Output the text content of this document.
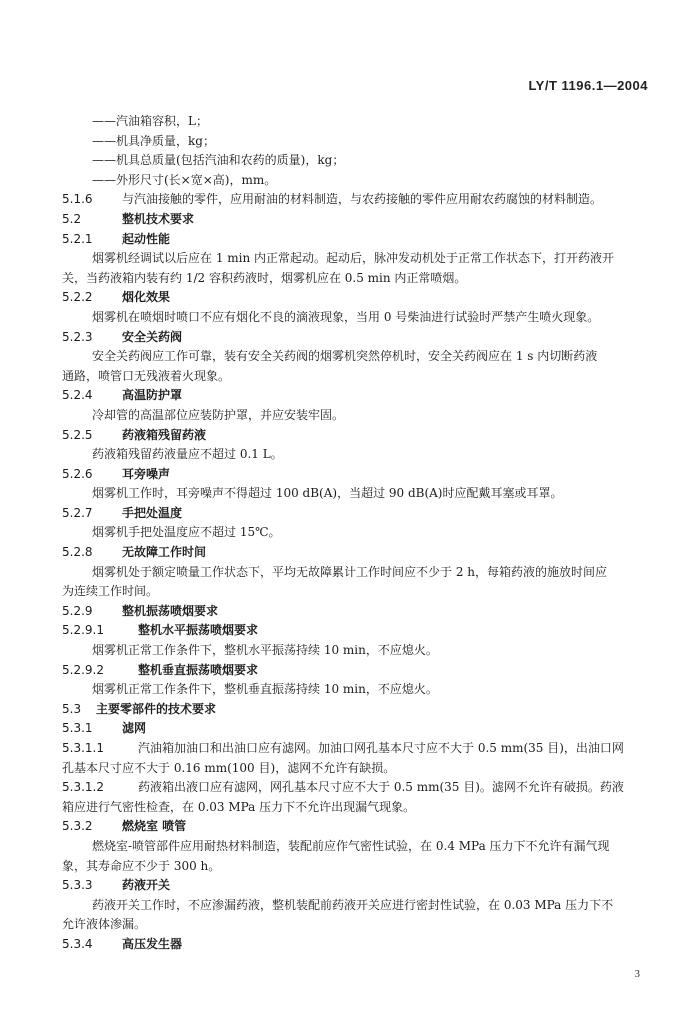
LY/T 1196.1—2004
——汽油箱容积，L；
——机具净质量，kg；
——机具总质量(包括汽油和农药的质量)，kg；
——外形尺寸(长×宽×高)，mm。
5.1.6 与汽油接触的零件，应用耐油的材料制造，与农药接触的零件应用耐农药腐蚀的材料制造。
5.2	整机技术要求
5.2.1 起动性能
烟雾机经调试以后应在 1 min 内正常起动。起动后，脉冲发动机处于正常工作状态下，打开药液开
关，当药液箱内装有约 1/2 容积药液时，烟雾机应在 0.5 min 内正常喷烟。
5.2.2 烟化效果
烟雾机在喷烟时喷口不应有烟化不良的滴液现象，当用 0 号柴油进行试验时严禁产生喷火现象。
5.2.3 安全关药阀
安全关药阀应工作可靠，装有安全关药阀的烟雾机突然停机时，安全关药阀应在 1 s 内切断药液
通路，喷管口无残液着火现象。
5.2.4 高温防护罩
冷却管的高温部位应装防护罩，并应安装牢固。
5.2.5 药液箱残留药液
药液箱残留药液量应不超过 0.1 L。
5.2.6 耳旁噪声
烟雾机工作时，耳旁噪声不得超过 100 dB(A)，当超过 90 dB(A)时应配戴耳塞或耳罩。
5.2.7 手把处温度
烟雾机手把处温度应不超过 15℃。
5.2.8 无故障工作时间
烟雾机处于额定喷量工作状态下，平均无故障累计工作时间应不少于 2 h，每箱药液的施放时间应
为连续工作时间。
5.2.9 整机振荡喷烟要求
5.2.9.1	整机水平振荡喷烟要求
烟雾机正常工作条件下，整机水平振荡持续 10 min，不应熄火。
5.2.9.2	整机垂直振荡喷烟要求
烟雾机正常工作条件下，整机垂直振荡持续 10 min，不应熄火。
5.3 主要零部件的技术要求
5.3.1 滤网
5.3.1.1	汽油箱加油口和出油口应有滤网。加油口网孔基本尺寸应不大于 0.5 mm(35 目)，出油口网
孔基本尺寸应不大于 0.16 mm(100 目)，滤网不允许有缺损。
5.3.1.2	药液箱出液口应有滤网，网孔基本尺寸应不大于 0.5 mm(35 目)。滤网不允许有破损。药液
箱应进行气密性检查，在 0.03 MPa 压力下不允许出现漏气现象。
5.3.2 燃烧室 喷管
燃烧室-喷管部件应用耐热材料制造，装配前应作气密性试验，在 0.4 MPa 压力下不允许有漏气现
象，其寿命应不少于 300 h。
5.3.3 药液开关
药液开关工作时，不应渗漏药液，整机装配前药液开关应进行密封性试验，在 0.03 MPa 压力下不
允许液体渗漏。
5.3.4 高压发生器
3
